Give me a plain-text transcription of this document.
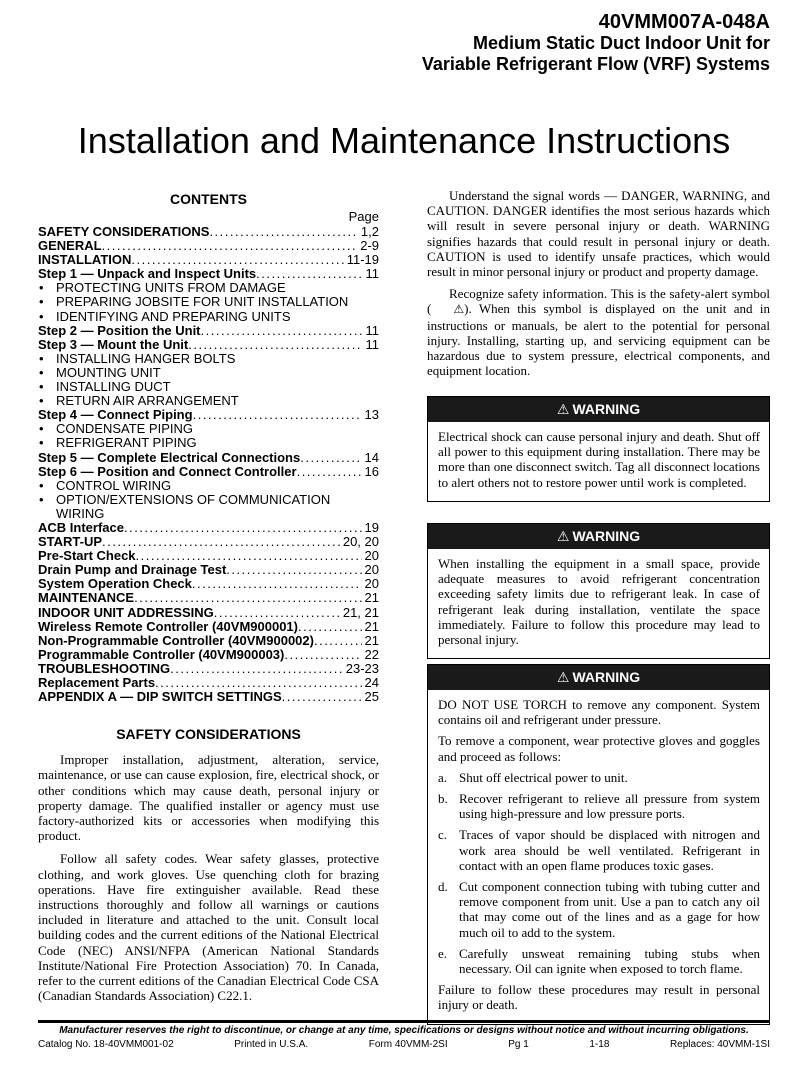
40VMM007A-048A
Medium Static Duct Indoor Unit for
Variable Refrigerant Flow (VRF) Systems
Installation and Maintenance Instructions
CONTENTS
Page
SAFETY CONSIDERATIONS .....	1,2
GENERAL .....	2-9
INSTALLATION .....	11-19
Step 1 — Unpack and Inspect Units .....	11
• PROTECTING UNITS FROM DAMAGE
• PREPARING JOBSITE FOR UNIT INSTALLATION
• IDENTIFYING AND PREPARING UNITS
Step 2 — Position the Unit .....	11
Step 3 — Mount the Unit .....	11
• INSTALLING HANGER BOLTS
• MOUNTING UNIT
• INSTALLING DUCT
• RETURN AIR ARRANGEMENT
Step 4 — Connect Piping .....	13
• CONDENSATE PIPING
• REFRIGERANT PIPING
Step 5 — Complete Electrical Connections .....	14
Step 6 — Position and Connect Controller .....	16
• CONTROL WIRING
• OPTION/EXTENSIONS OF COMMUNICATION WIRING
ACB Interface .....	19
START-UP .....	20, 20
Pre-Start Check .....	20
Drain Pump and Drainage Test .....	20
System Operation Check .....	20
MAINTENANCE .....	21
INDOOR UNIT ADDRESSING .....	21, 21
Wireless Remote Controller (40VM900001) .....	21
Non-Programmable Controller (40VM900002) .....	21
Programmable Controller (40VM900003) .....	22
TROUBLESHOOTING .....	23-23
Replacement Parts .....	24
APPENDIX A — DIP SWITCH SETTINGS .....	25
SAFETY CONSIDERATIONS

Improper installation, adjustment, alteration, service, maintenance, or use can cause explosion, fire, electrical shock, or other conditions which may cause death, personal injury or property damage. The qualified installer or agency must use factory-authorized kits or accessories when modifying this product.

Follow all safety codes. Wear safety glasses, protective clothing, and work gloves. Use quenching cloth for brazing operations. Have fire extinguisher available. Read these instructions thoroughly and follow all warnings or cautions included in literature and attached to the unit. Consult local building codes and the current editions of the National Electrical Code (NEC) ANSI/NFPA (American National Standards Institute/National Fire Protection Association) 70. In Canada, refer to the current editions of the Canadian Electrical Code CSA (Canadian Standards Association) C22.1.

Understand the signal words — DANGER, WARNING, and CAUTION. DANGER identifies the most serious hazards which will result in severe personal injury or death. WARNING signifies hazards that could result in personal injury or death. CAUTION is used to identify unsafe practices, which would result in minor personal injury or product and property damage.

Recognize safety information. This is the safety-alert symbol ( ⚠). When this symbol is displayed on the unit and in instructions or manuals, be alert to the potential for personal injury. Installing, starting up, and servicing equipment can be hazardous due to system pressure, electrical components, and equipment location.

⚠ WARNING

Electrical shock can cause personal injury and death. Shut off all power to this equipment during installation. There may be more than one disconnect switch. Tag all disconnect locations to alert others not to restore power until work is completed.

⚠ WARNING

When installing the equipment in a small space, provide adequate measures to avoid refrigerant concentration exceeding safety limits due to refrigerant leak. In case of refrigerant leak during installation, ventilate the space immediately. Failure to follow this procedure may lead to personal injury.

⚠ WARNING

DO NOT USE TORCH to remove any component. System contains oil and refrigerant under pressure.

To remove a component, wear protective gloves and goggles and proceed as follows:

a. Shut off electrical power to unit.
b. Recover refrigerant to relieve all pressure from system using high-pressure and low pressure ports.
c. Traces of vapor should be displaced with nitrogen and work area should be well ventilated. Refrigerant in contact with an open flame produces toxic gases.
d. Cut component connection tubing with tubing cutter and remove component from unit. Use a pan to catch any oil that may come out of the lines and as a gage for how much oil to add to the system.
e. Carefully unsweat remaining tubing stubs when necessary. Oil can ignite when exposed to torch flame.

Failure to follow these procedures may result in personal injury or death.

Manufacturer reserves the right to discontinue, or change at any time, specifications or designs without notice and without incurring obligations.
Catalog No. 18-40VMM001-02	Printed in U.S.A.	Form 40VMM-2SI	Pg 1	1-18	Replaces: 40VMM-1SI
